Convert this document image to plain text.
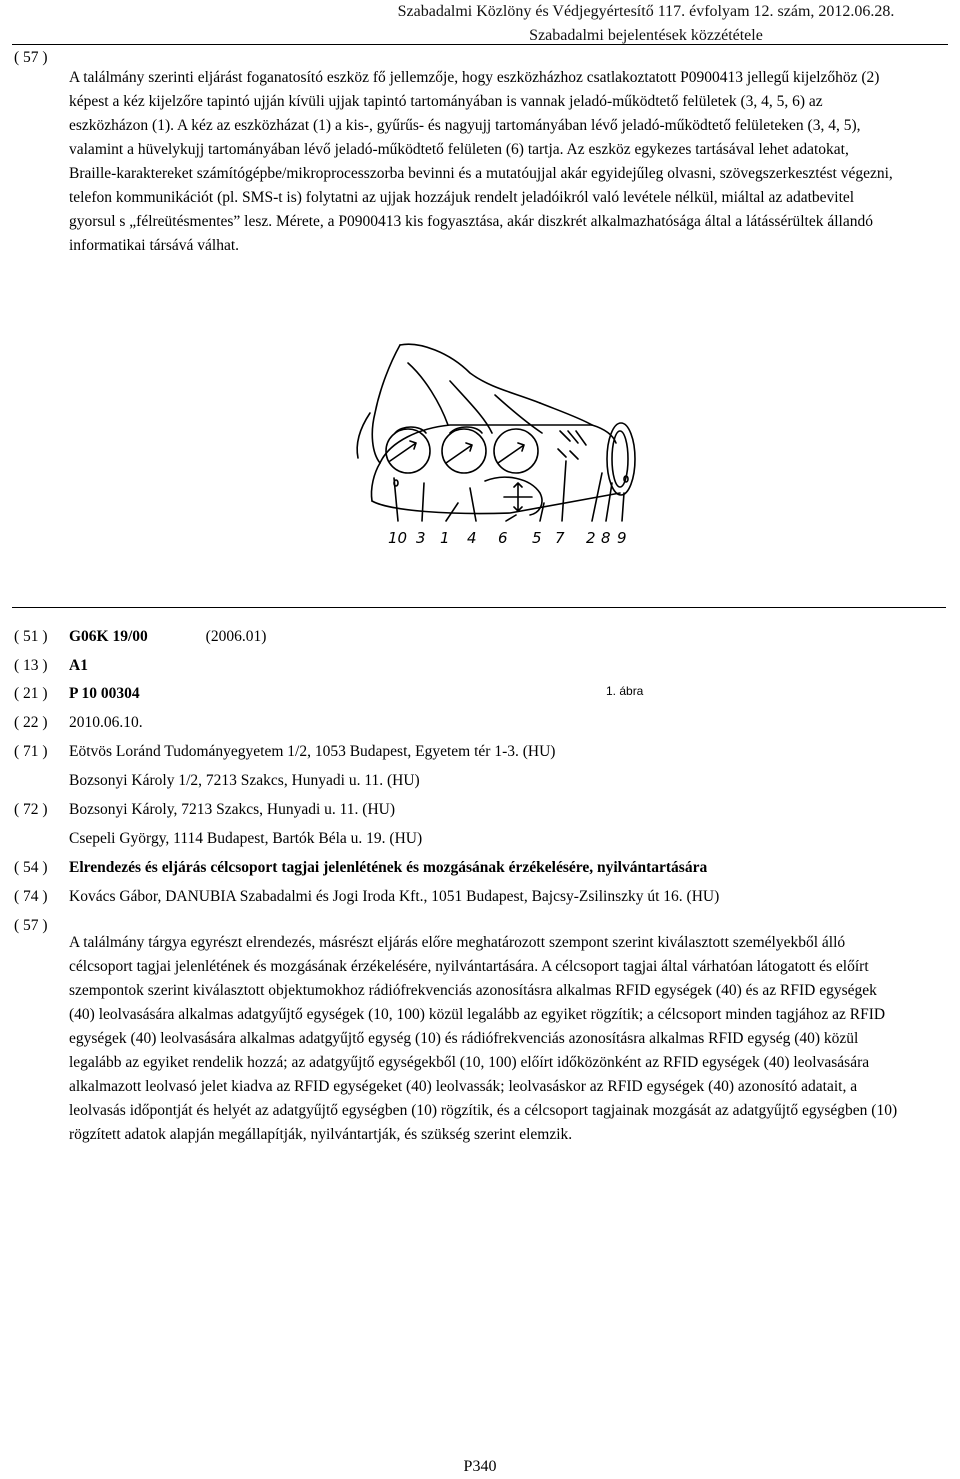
Szabadalmi Közlöny és Védjegyértesítő 117. évfolyam 12. szám, 2012.06.28.
Szabadalmi bejelentések közzététele
( 57 )

A találmány szerinti eljárást foganatosító eszköz fő jellemzője, hogy eszközházhoz csatlakoztatott P0900413 jellegű kijelzőhöz (2) képest a kéz kijelzőre tapintó ujján kívüli ujjak tapintó tartományában is vannak jeladó-működtető felületek (3, 4, 5, 6) az eszközházon (1). A kéz az eszközházat (1) a kis-, gyűrűs- és nagyujj tartományában lévő jeladó-működtető felületeken (3, 4, 5), valamint a hüvelykujj tartományában lévő jeladó-működtető felületen (6) tartja. Az eszköz egykezes tartásával lehet adatokat, Braille-karaktereket számítógépbe/mikroprocesszorba bevinni és a mutatóujjal akár egyidejűleg olvasni, szövegszerkesztést végezni, telefon kommunikációt (pl. SMS-t is) folytatni az ujjak hozzájuk rendelt jeladóikról való levétele nélkül, miáltal az adatbevitel gyorsul s „félreütésmentes” lesz. Mérete, a P0900413 kis fogyasztása, akár diszkrét alkalmazhatósága által a látássérültek állandó informatikai társává válhat.

1. ábra
10 3 1 4 6 5 7 2 8 9
( 51 ) G06K 19/00	(2006.01)
( 13 ) A1
( 21 ) P 10 00304
( 22 ) 2010.06.10.
( 71 ) Eötvös Loránd Tudományegyetem 1/2, 1053 Budapest, Egyetem tér 1-3. (HU)
Bozsonyi Károly 1/2, 7213 Szakcs, Hunyadi u. 11. (HU)
( 72 ) Bozsonyi Károly, 7213 Szakcs, Hunyadi u. 11. (HU)
Csepeli György, 1114 Budapest, Bartók Béla u. 19. (HU)
( 54 ) Elrendezés és eljárás célcsoport tagjai jelenlétének és mozgásának érzékelésére, nyilvántartására
( 74 ) Kovács Gábor, DANUBIA Szabadalmi és Jogi Iroda Kft., 1051 Budapest, Bajcsy-Zsilinszky út 16. (HU)
( 57 )

A találmány tárgya egyrészt elrendezés, másrészt eljárás előre meghatározott szempont szerint kiválasztott személyekből álló célcsoport tagjai jelenlétének és mozgásának érzékelésére, nyilvántartására. A célcsoport tagjai által várhatóan látogatott és előírt szempontok szerint kiválasztott objektumokhoz rádiófrekvenciás azonosításra alkalmas RFID egységek (40) és az RFID egységek (40) leolvasására alkalmas adatgyűjtő egységek (10, 100) közül legalább az egyiket rögzítik; a célcsoport minden tagjához az RFID egységek (40) leolvasására alkalmas adatgyűjtő egység (10) és rádiófrekvenciás azonosításra alkalmas RFID egység (40) közül legalább az egyiket rendelik hozzá; az adatgyűjtő egységekből (10, 100) előírt időközönként az RFID egységek (40) leolvasására alkalmazott leolvasó jelet kiadva az RFID egységeket (40) leolvassák; leolvasáskor az RFID egységek (40) azonosító adatait, a leolvasás időpontját és helyét az adatgyűjtő egységben (10) rögzítik, és a célcsoport tagjainak mozgását az adatgyűjtő egységben (10) rögzített adatok alapján megállapítják, nyilvántartják, és szükség szerint elemzik.

P340
